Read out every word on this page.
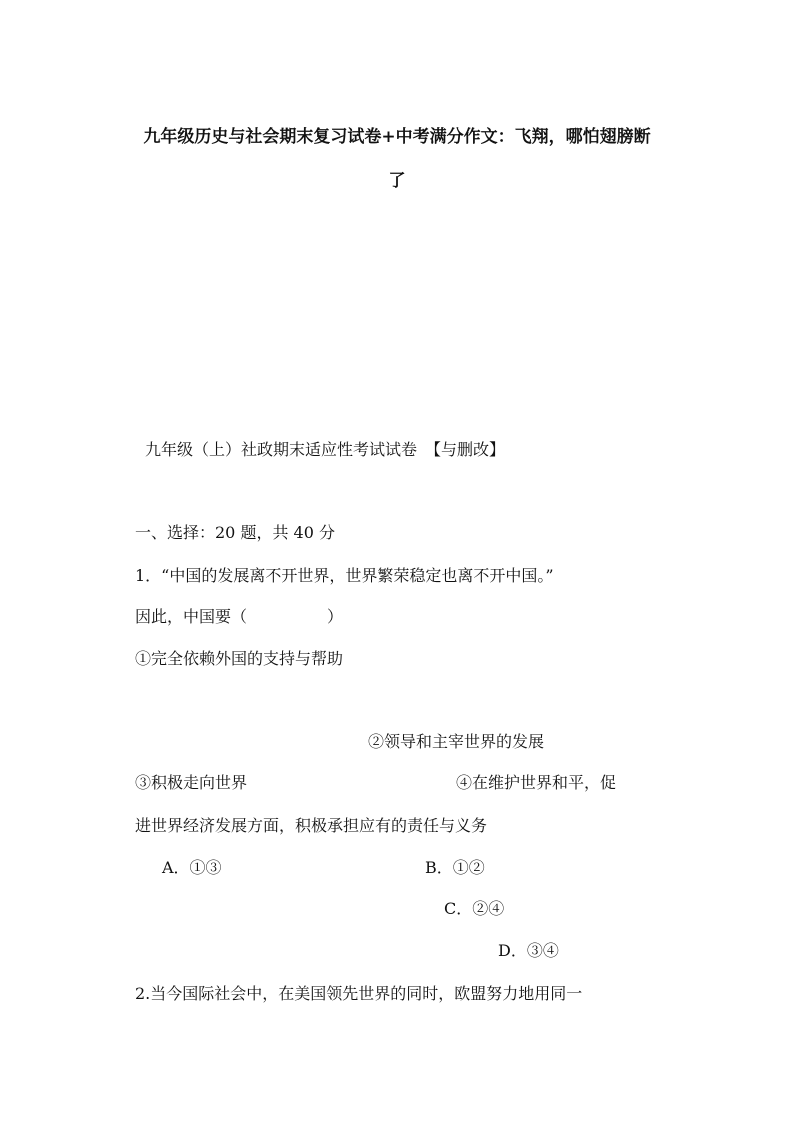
九年级历史与社会期末复习试卷+中考满分作文：飞翔，哪怕翅膀断
了
九年级（上）社政期末适应性考试试卷　【与删改】
一、选择：20 题，共 40 分
1．“中国的发展离不开世界，世界繁荣稳定也离不开中国。”
因此，中国要（　　　　　）
①完全依赖外国的支持与帮助
②领导和主宰世界的发展
③积极走向世界	④在维护世界和平，促
进世界经济发展方面，积极承担应有的责任与义务
A．①③	B．①②
C．②④
D．③④
2.当今国际社会中，在美国领先世界的同时，欧盟努力地用同一
